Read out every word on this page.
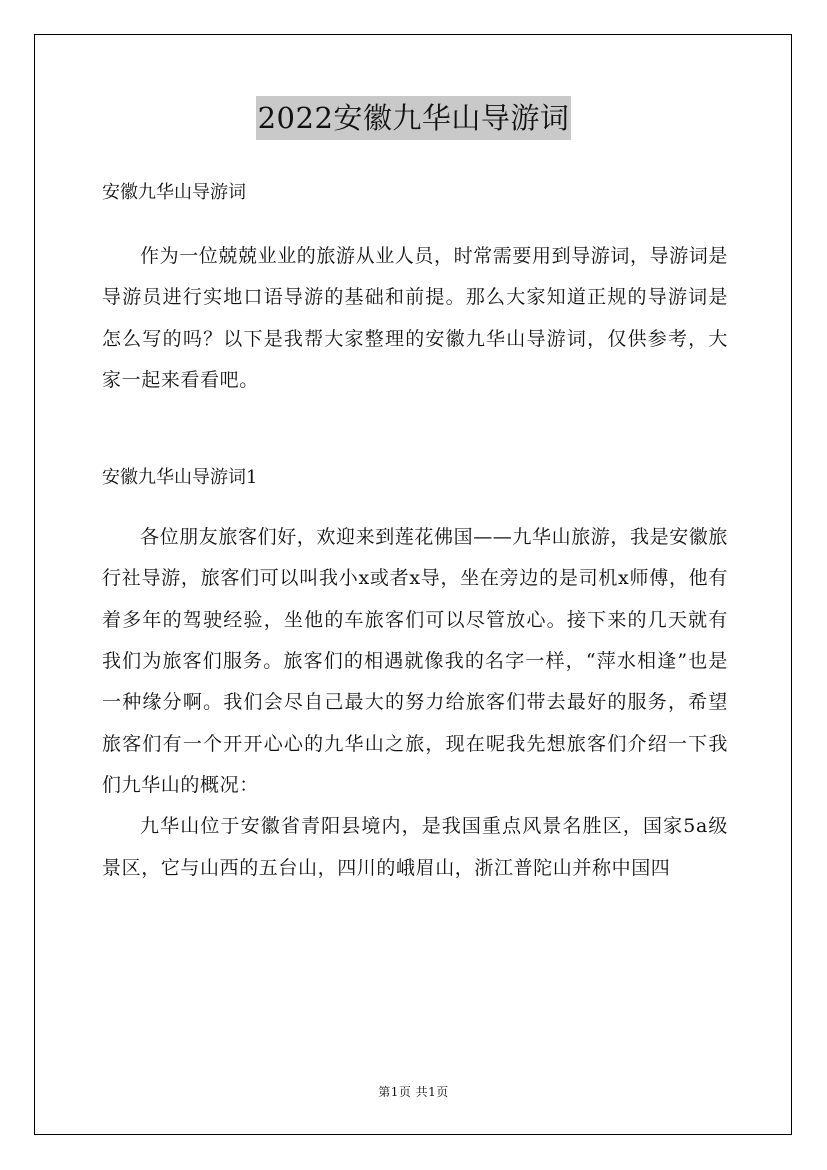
2022安徽九华山导游词

安徽九华山导游词

作为一位兢兢业业的旅游从业人员，时常需要用到导游词，导游词是导游员进行实地口语导游的基础和前提。那么大家知道正规的导游词是怎么写的吗？以下是我帮大家整理的安徽九华山导游词，仅供参考，大家一起来看看吧。

安徽九华山导游词1

各位朋友旅客们好，欢迎来到莲花佛国——九华山旅游，我是安徽旅行社导游，旅客们可以叫我小x或者x导，坐在旁边的是司机x师傅，他有着多年的驾驶经验，坐他的车旅客们可以尽管放心。接下来的几天就有我们为旅客们服务。旅客们的相遇就像我的名字一样，“萍水相逢”也是一种缘分啊。我们会尽自己最大的努力给旅客们带去最好的服务，希望旅客们有一个开开心心的九华山之旅，现在呢我先想旅客们介绍一下我们九华山的概况：

九华山位于安徽省青阳县境内，是我国重点风景名胜区，国家5a级景区，它与山西的五台山，四川的峨眉山，浙江普陀山并称中国四

第1页 共1页
